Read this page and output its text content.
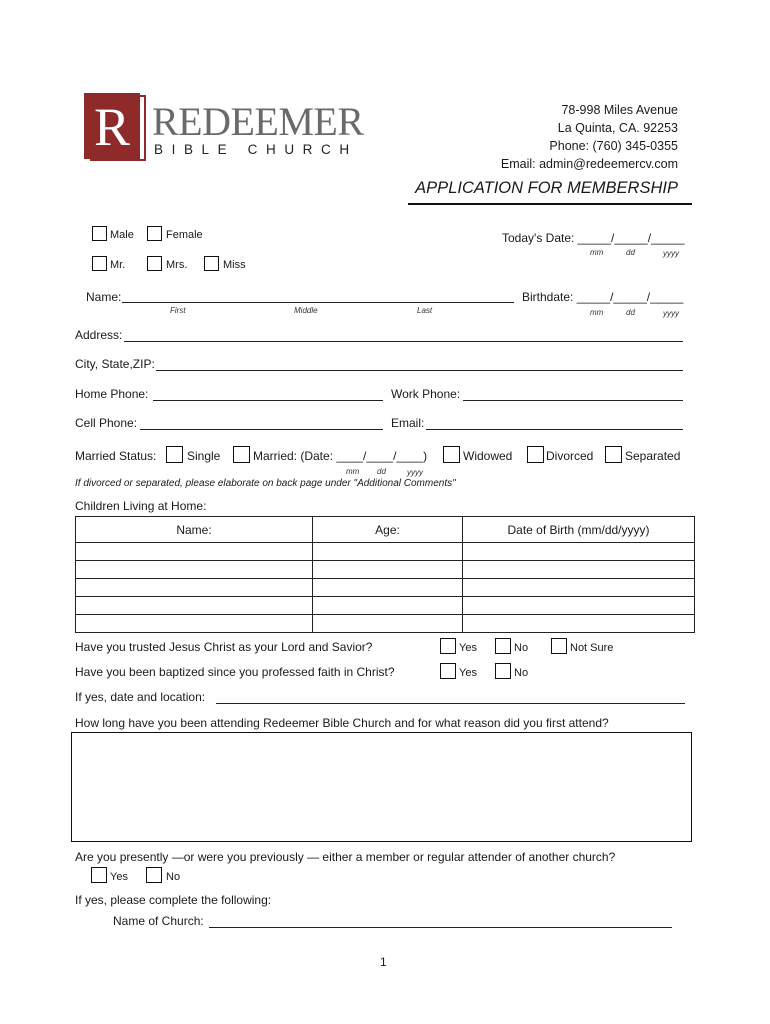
R REDEEMER
BIBLE CHURCH
78-998 Miles Avenue
La Quinta, CA. 92253
Phone: (760) 345-0355
Email: admin@redeemercv.com
APPLICATION FOR MEMBERSHIP
Male	Female	Today's Date: _____/_____/_____
mm	dd	yyyy
Mr.	Mrs.	Miss
Name:
First	Middle	Last
Birthdate: _____/_____/_____
mm	dd	yyyy
Address:
City, State,ZIP:
Home Phone:	Work Phone:
Cell Phone:	Email:
Married Status:	Single	Married: (Date: ____/____/____)	Widowed	Divorced	Separated
mm dd	yyyy
If divorced or separated, please elaborate on back page under "Additional Comments"
Children Living at Home:
Name:	Age:	Date of Birth (mm/dd/yyyy)

Have you trusted Jesus Christ as your Lord and Savior?	Yes	No	Not Sure
Have you been baptized since you professed faith in Christ?	Yes	No
If yes, date and location:
How long have you been attending Redeemer Bible Church and for what reason did you first attend?
Are you presently —or were you previously — either a member or regular attender of another church?
Yes	No
If yes, please complete the following:
Name of Church:
1
